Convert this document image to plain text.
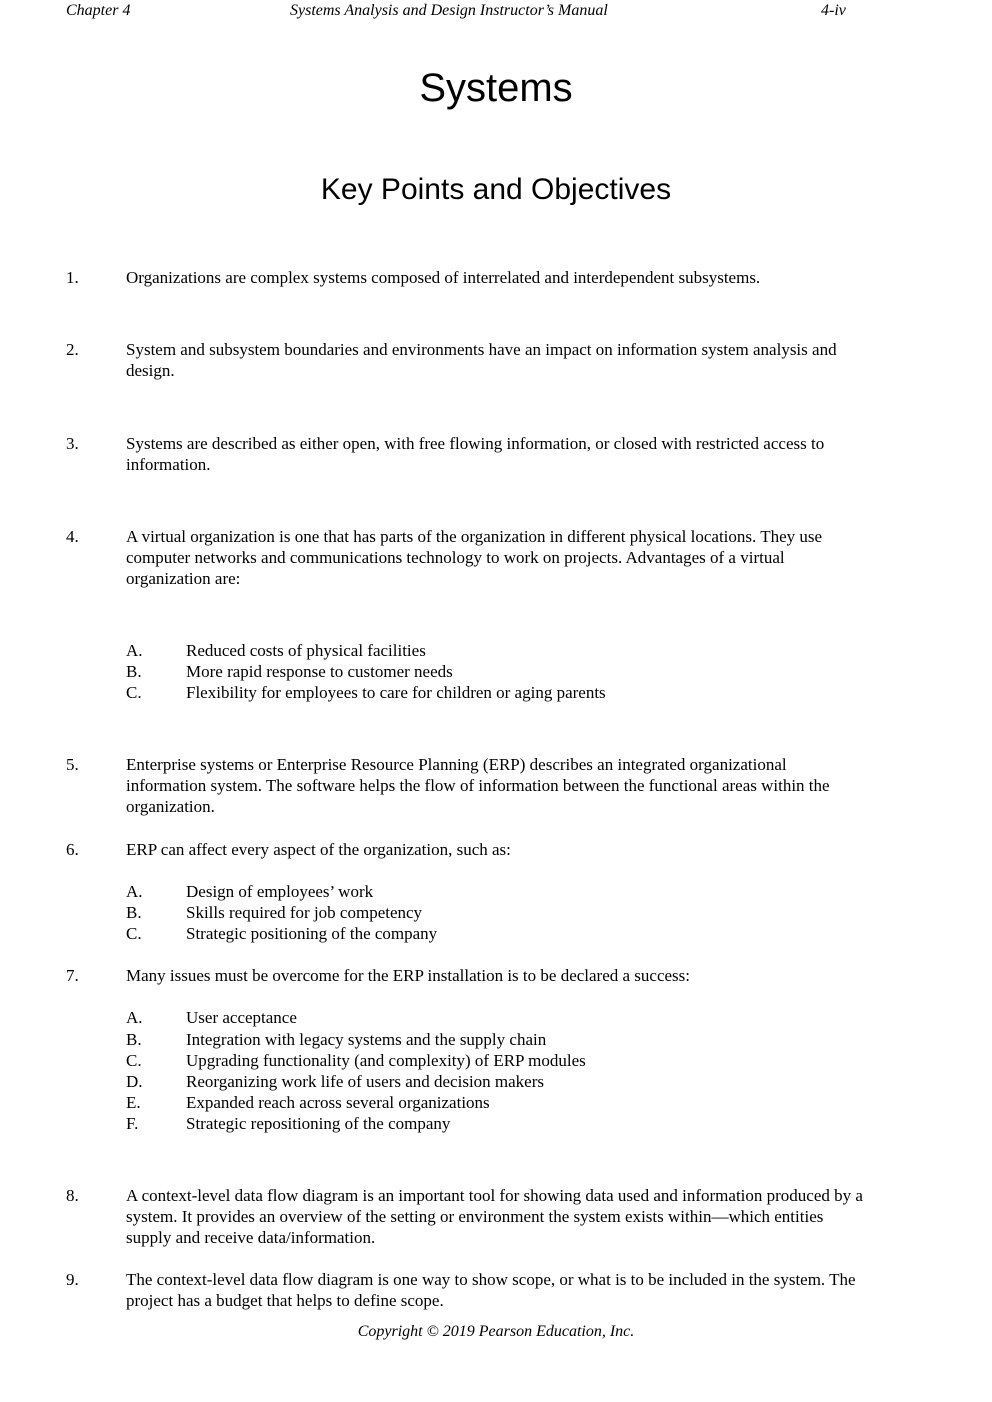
Chapter 4	Systems Analysis and Design Instructor’s Manual	4-iv
Systems
Key Points and Objectives
1.	Organizations are complex systems composed of interrelated and interdependent subsystems.
2.	System and subsystem boundaries and environments have an impact on information system analysis and
design.
3.	Systems are described as either open, with free flowing information, or closed with restricted access to
information.
4.	A virtual organization is one that has parts of the organization in different physical locations. They use
computer networks and communications technology to work on projects. Advantages of a virtual
organization are:
A.	Reduced costs of physical facilities
B.	More rapid response to customer needs
C.	Flexibility for employees to care for children or aging parents
5.	Enterprise systems or Enterprise Resource Planning (ERP) describes an integrated organizational
information system. The software helps the flow of information between the functional areas within the
organization.
6.	ERP can affect every aspect of the organization, such as:
A.	Design of employees’ work
B.	Skills required for job competency
C.	Strategic positioning of the company
7.	Many issues must be overcome for the ERP installation is to be declared a success:
A.	User acceptance
B.	Integration with legacy systems and the supply chain
C.	Upgrading functionality (and complexity) of ERP modules
D.	Reorganizing work life of users and decision makers
E.	Expanded reach across several organizations
F.	Strategic repositioning of the company
8.	A context-level data flow diagram is an important tool for showing data used and information produced by a
system. It provides an overview of the setting or environment the system exists within—which entities
supply and receive data/information.
9.	The context-level data flow diagram is one way to show scope, or what is to be included in the system. The
project has a budget that helps to define scope.
Copyright © 2019 Pearson Education, Inc.
